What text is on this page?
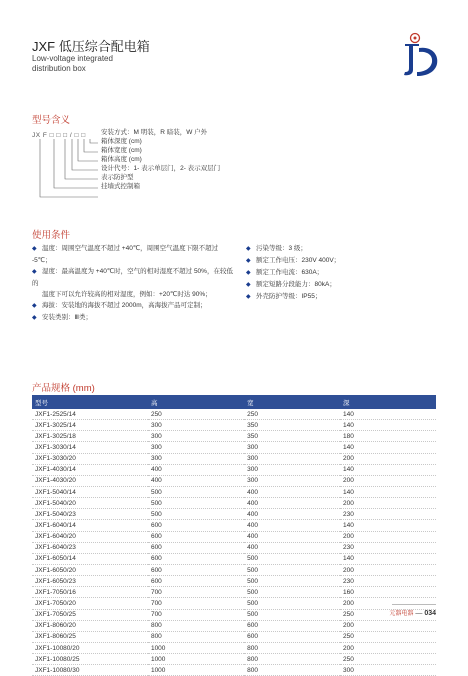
JXF 低压综合配电箱
Low-voltage integrated
distribution box
型号含义
JX F □ □ □ / □ □ 安装方式：M 明装，R 暗装，W 户外
箱体深度 (cm)
箱体宽度 (cm)
箱体高度 (cm)
设计代号：1- 表示单层门，2- 表示双层门
表示防护型
挂墙式控制箱
使用条件
◆ 温度：周围空气温度不超过 +40℃，周围空气温度下限不超过 -5℃；
◆ 湿度：最高温度为 +40℃时，空气的相对湿度不超过 50%，在较低的
温度下可以允许较高的相对湿度，例如：+20℃时达 90%；
◆ 海拔：安装地的海拔不超过 2000m，高海拔产品可定制；
◆ 安装类别：Ⅲ类；
◆ 污染等级：3 级；
◆ 额定工作电压：230V 400V；
◆ 额定工作电流：630A；
◆ 额定短路分段能力：80kA；
◆ 外壳防护等级：IP55；
产品规格 (mm)
型号	高	宽	深
JXF1-2525/14	250	250	140
JXF1-3025/14	300	350	140
JXF1-3025/18	300	350	180
JXF1-3030/14	300	300	140
JXF1-3030/20	300	300	200
JXF1-4030/14	400	300	140
JXF1-4030/20	400	300	200
JXF1-5040/14	500	400	140
JXF1-5040/20	500	400	200
JXF1-5040/23	500	400	230
JXF1-6040/14	600	400	140
JXF1-6040/20	600	400	200
JXF1-6040/23	600	400	230
JXF1-6050/14	600	500	140
JXF1-6050/20	600	500	200
JXF1-6050/23	600	500	230
JXF1-7050/16	700	500	160
JXF1-7050/20	700	500	200
JXF1-7050/25	700	500	250
JXF1-8060/20	800	600	200
JXF1-8060/25	800	600	250
JXF1-10080/20	1000	800	200
JXF1-10080/25	1000	800	250
JXF1-10080/30	1000	800	300
元器电器 — 034
